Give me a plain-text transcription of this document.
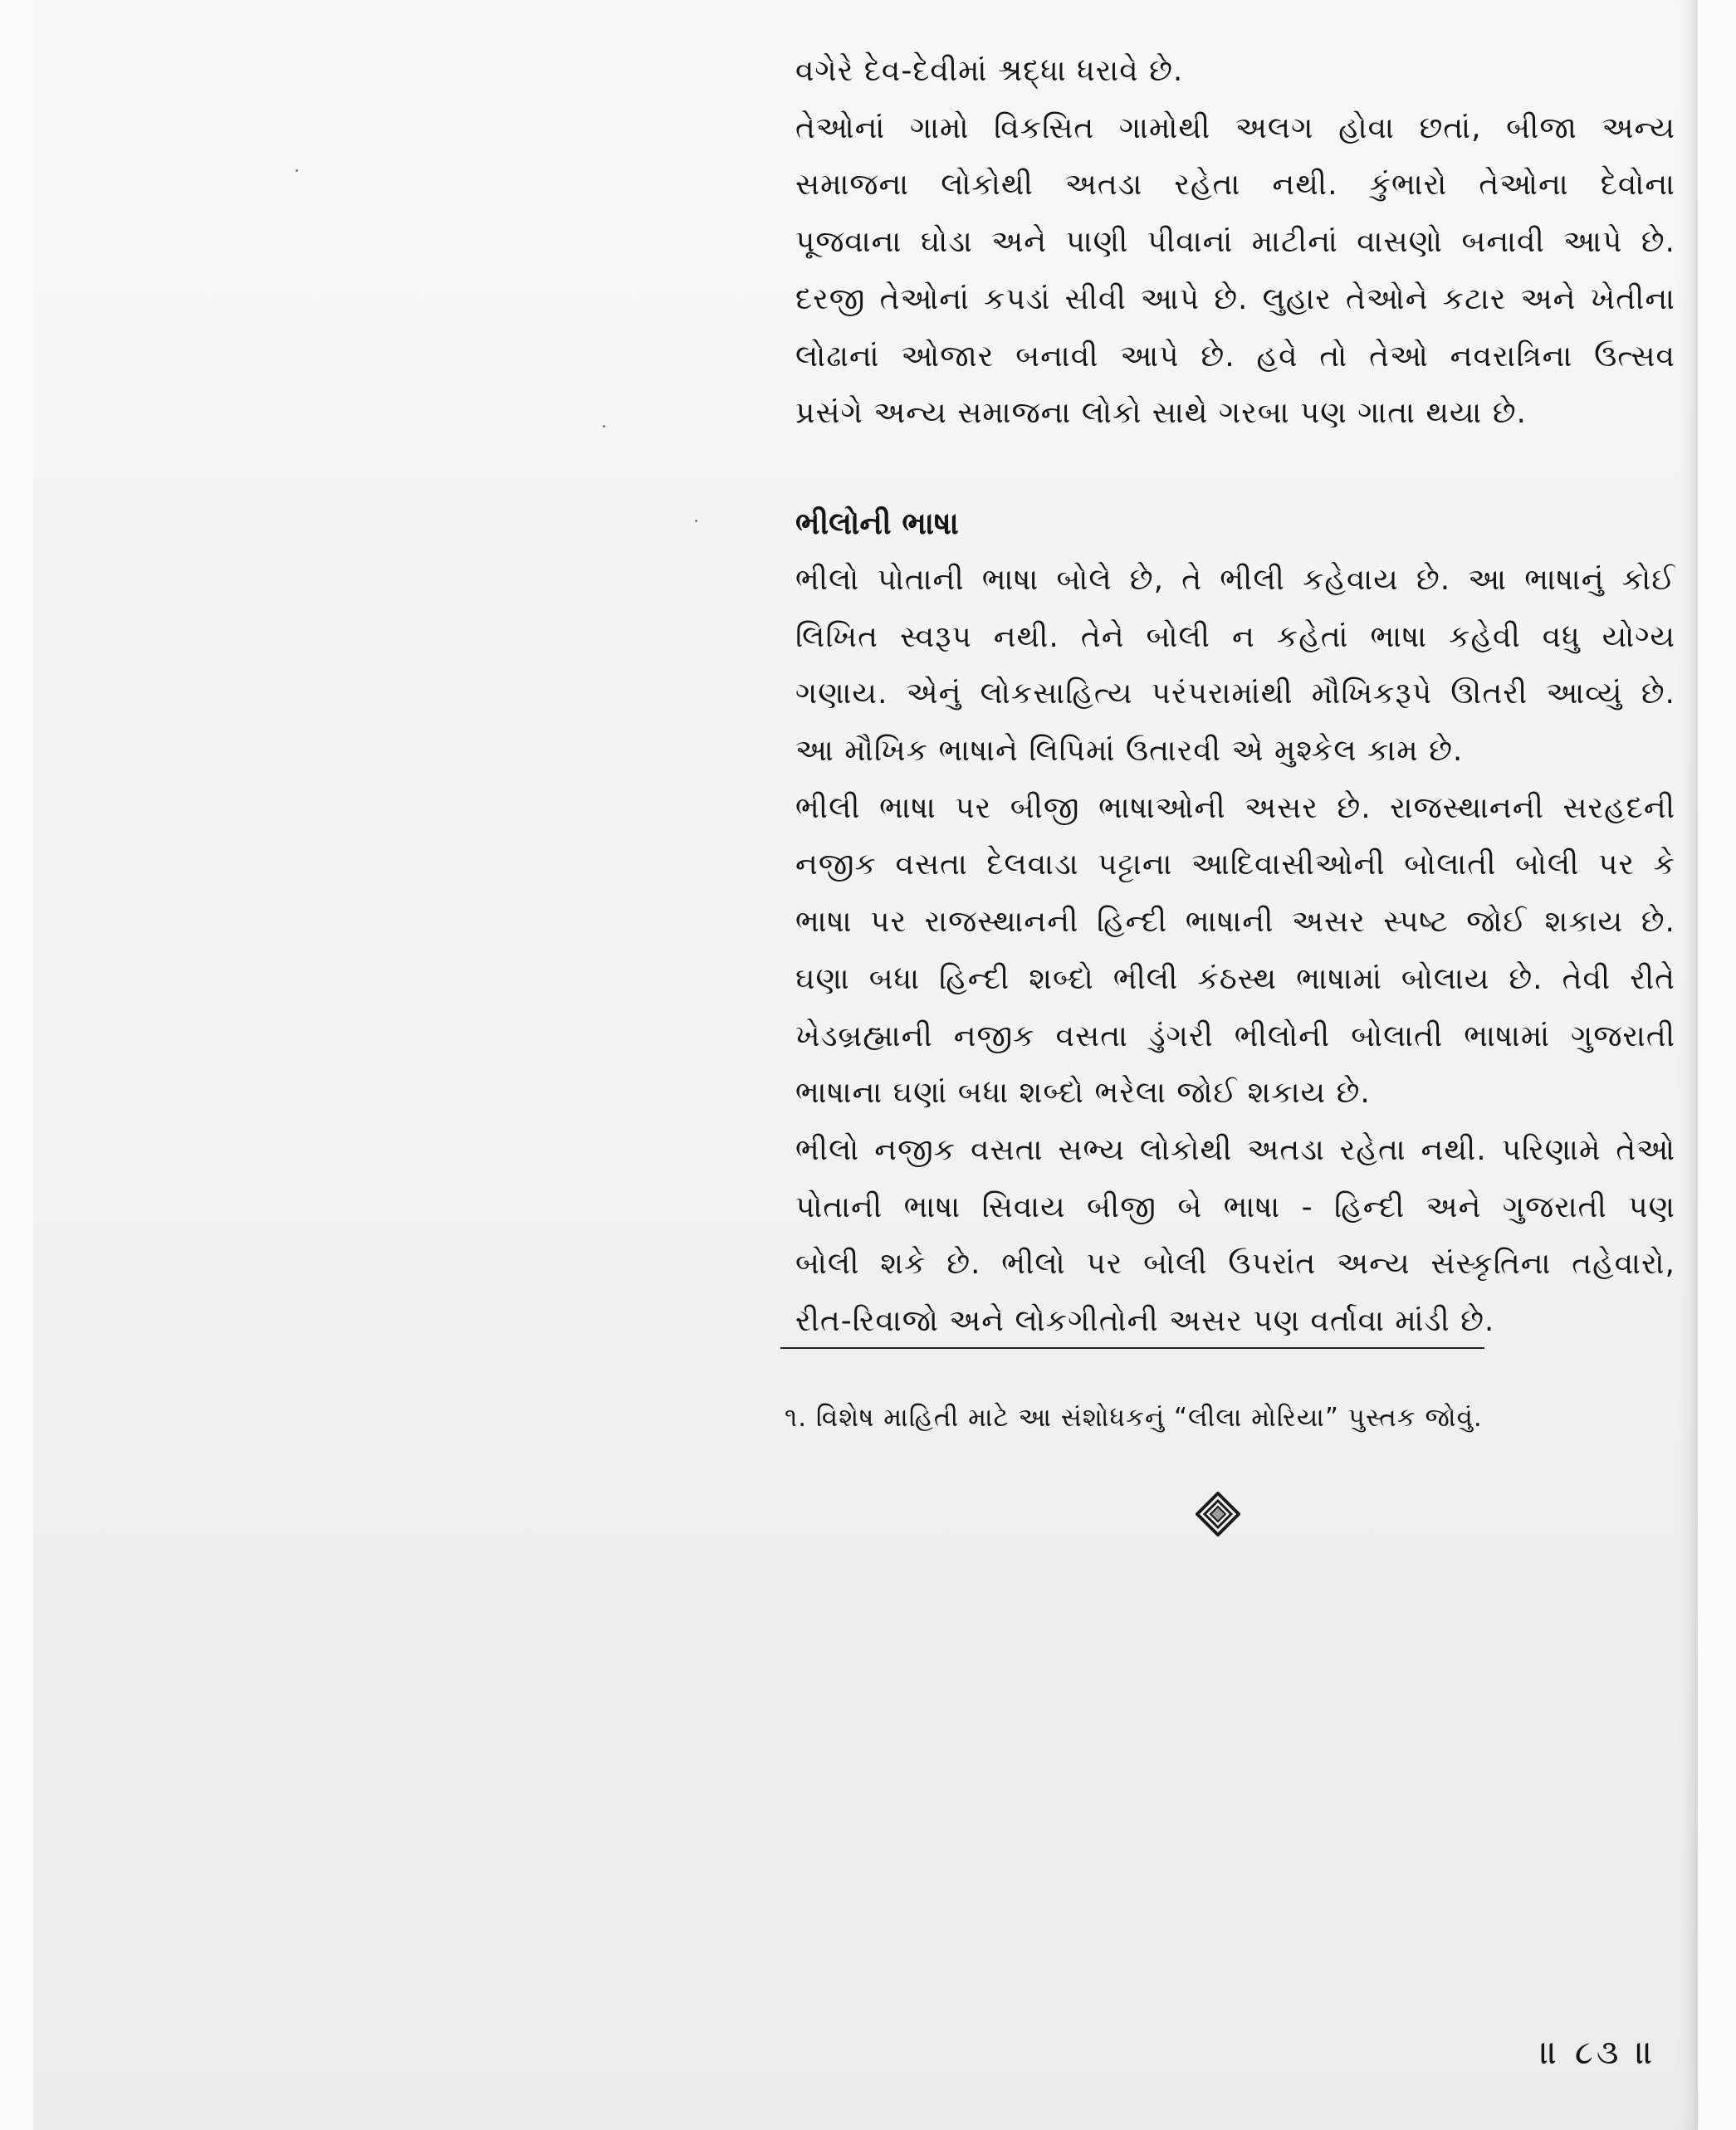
વગેરે દેવ-દેવીમાં શ્રદ્ધા ધરાવે છે.
તેઓનાં ગામો વિકસિત ગામોથી અલગ હોવા છતાં, બીજા અન્ય
સમાજના લોકોથી અતડા રહેતા નથી. કુંભારો તેઓના દેવોના
પૂજવાના ઘોડા અને પાણી પીવાનાં માટીનાં વાસણો બનાવી આપે છે.
દરજી તેઓનાં કપડાં સીવી આપે છે. લુહાર તેઓને કટાર અને ખેતીના
લોઢાનાં ઓજાર બનાવી આપે છે. હવે તો તેઓ નવરાત્રિના ઉત્સવ
પ્રસંગે અન્ય સમાજના લોકો સાથે ગરબા પણ ગાતા થયા છે.
ભીલોની ભાષા
ભીલો પોતાની ભાષા બોલે છે, તે ભીલી કહેવાય છે. આ ભાષાનું કોઈ
લિખિત સ્વરૂપ નથી. તેને બોલી ન કહેતાં ભાષા કહેવી વધુ યોગ્ય
ગણાય. એનું લોકસાહિત્ય પરંપરામાંથી મૌખિકરૂપે ઊતરી આવ્યું છે.
આ મૌખિક ભાષાને લિપિમાં ઉતારવી એ મુશ્કેલ કામ છે.
ભીલી ભાષા પર બીજી ભાષાઓની અસર છે. રાજસ્થાનની સરહદની
નજીક વસતા દેલવાડા પટ્ટાના આદિવાસીઓની બોલાતી બોલી પર કે
ભાષા પર રાજસ્થાનની હિન્દી ભાષાની અસર સ્પષ્ટ જોઈ શકાય છે.
ઘણા બધા હિન્દી શબ્દો ભીલી કંઠસ્થ ભાષામાં બોલાય છે. તેવી રીતે
ખેડબ્રહ્માની નજીક વસતા ડુંગરી ભીલોની બોલાતી ભાષામાં ગુજરાતી
ભાષાના ઘણાં બધા શબ્દો ભરેલા જોઈ શકાય છે.
ભીલો નજીક વસતા સભ્ય લોકોથી અતડા રહેતા નથી. પરિણામે તેઓ
પોતાની ભાષા સિવાય બીજી બે ભાષા - હિન્દી અને ગુજરાતી પણ
બોલી શકે છે. ભીલો પર બોલી ઉપરાંત અન્ય સંસ્કૃતિના તહેવારો,
રીત-રિવાજો અને લોકગીતોની અસર પણ વર્તાવા માંડી છે.
૧. વિશેષ માહિતી માટે આ સંશોધકનું “લીલા મોરિયા” પુસ્તક જોવું.
॥ ૮૩ ॥
